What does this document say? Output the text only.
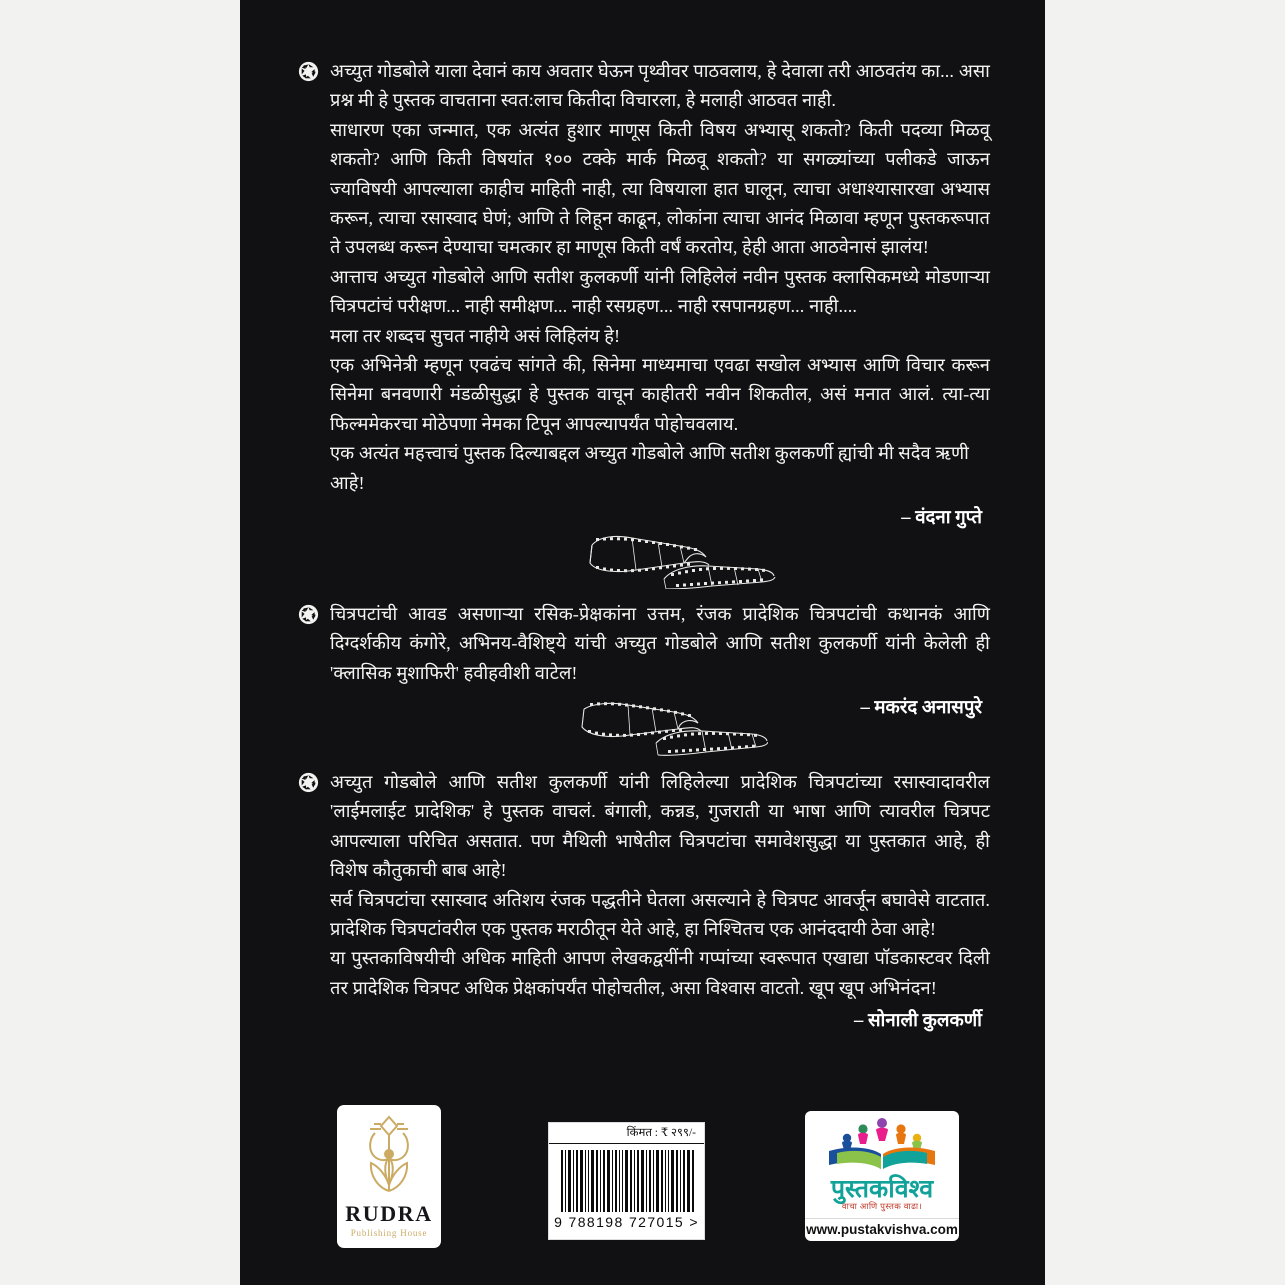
अच्युत गोडबोले याला देवानं काय अवतार घेऊन पृथ्वीवर पाठवलाय, हे देवाला तरी आठवतंय का... असा प्रश्न मी हे पुस्तक वाचताना स्वत:लाच कितीदा विचारला, हे मलाही आठवत नाही.

साधारण एका जन्मात, एक अत्यंत हुशार माणूस किती विषय अभ्यासू शकतो? किती पदव्या मिळवू शकतो? आणि किती विषयांत १०० टक्के मार्क मिळवू शकतो? या सगळ्यांच्या पलीकडे जाऊन ज्याविषयी आपल्याला काहीच माहिती नाही, त्या विषयाला हात घालून, त्याचा अधाश्यासारखा अभ्यास करून, त्याचा रसास्वाद घेणं; आणि ते लिहून काढून, लोकांना त्याचा आनंद मिळावा म्हणून पुस्तकरूपात ते उपलब्ध करून देण्याचा चमत्कार हा माणूस किती वर्षं करतोय, हेही आता आठवेनासं झालंय!

आत्ताच अच्युत गोडबोले आणि सतीश कुलकर्णी यांनी लिहिलेलं नवीन पुस्तक क्लासिकमध्ये मोडणाऱ्या चित्रपटांचं परीक्षण... नाही समीक्षण... नाही रसग्रहण... नाही रसपानग्रहण... नाही....

मला तर शब्दच सुचत नाहीये असं लिहिलंय हे!

एक अभिनेत्री म्हणून एवढंच सांगते की, सिनेमा माध्यमाचा एवढा सखोल अभ्यास आणि विचार करून सिनेमा बनवणारी मंडळीसुद्धा हे पुस्तक वाचून काहीतरी नवीन शिकतील, असं मनात आलं. त्या-त्या फिल्ममेकरचा मोठेपणा नेमका टिपून आपल्यापर्यंत पोहोचवलाय.

एक अत्यंत महत्त्वाचं पुस्तक दिल्याबद्दल अच्युत गोडबोले आणि सतीश कुलकर्णी ह्यांची मी सदैव ऋणी आहे!

– वंदना गुप्ते

चित्रपटांची आवड असणाऱ्या रसिक-प्रेक्षकांना उत्तम, रंजक प्रादेशिक चित्रपटांची कथानकं आणि दिग्दर्शकीय कंगोरे, अभिनय-वैशिष्ट्ये यांची अच्युत गोडबोले आणि सतीश कुलकर्णी यांनी केलेली ही 'क्लासिक मुशाफिरी' हवीहवीशी वाटेल!

– मकरंद अनासपुरे

अच्युत गोडबोले आणि सतीश कुलकर्णी यांनी लिहिलेल्या प्रादेशिक चित्रपटांच्या रसास्वादावरील 'लाईमलाईट प्रादेशिक' हे पुस्तक वाचलं. बंगाली, कन्नड, गुजराती या भाषा आणि त्यावरील चित्रपट आपल्याला परिचित असतात. पण मैथिली भाषेतील चित्रपटांचा समावेशसुद्धा या पुस्तकात आहे, ही विशेष कौतुकाची बाब आहे!

सर्व चित्रपटांचा रसास्वाद अतिशय रंजक पद्धतीने घेतला असल्याने हे चित्रपट आवर्जून बघावेसे वाटतात. प्रादेशिक चित्रपटांवरील एक पुस्तक मराठीतून येते आहे, हा निश्चितच एक आनंददायी ठेवा आहे!

या पुस्तकाविषयीची अधिक माहिती आपण लेखकद्वयींनी गप्पांच्या स्वरूपात एखाद्या पॉडकास्टवर दिली तर प्रादेशिक चित्रपट अधिक प्रेक्षकांपर्यंत पोहोचतील, असा विश्वास वाटतो. खूप खूप अभिनंदन!

– सोनाली कुलकर्णी
RUDRA
Publishing House
किंमत : ₹ २९९/-
9 788198 727015 >
पुस्तकविश्व
वाचा आणि पुस्तक वाढा।
www.pustakvishva.com
